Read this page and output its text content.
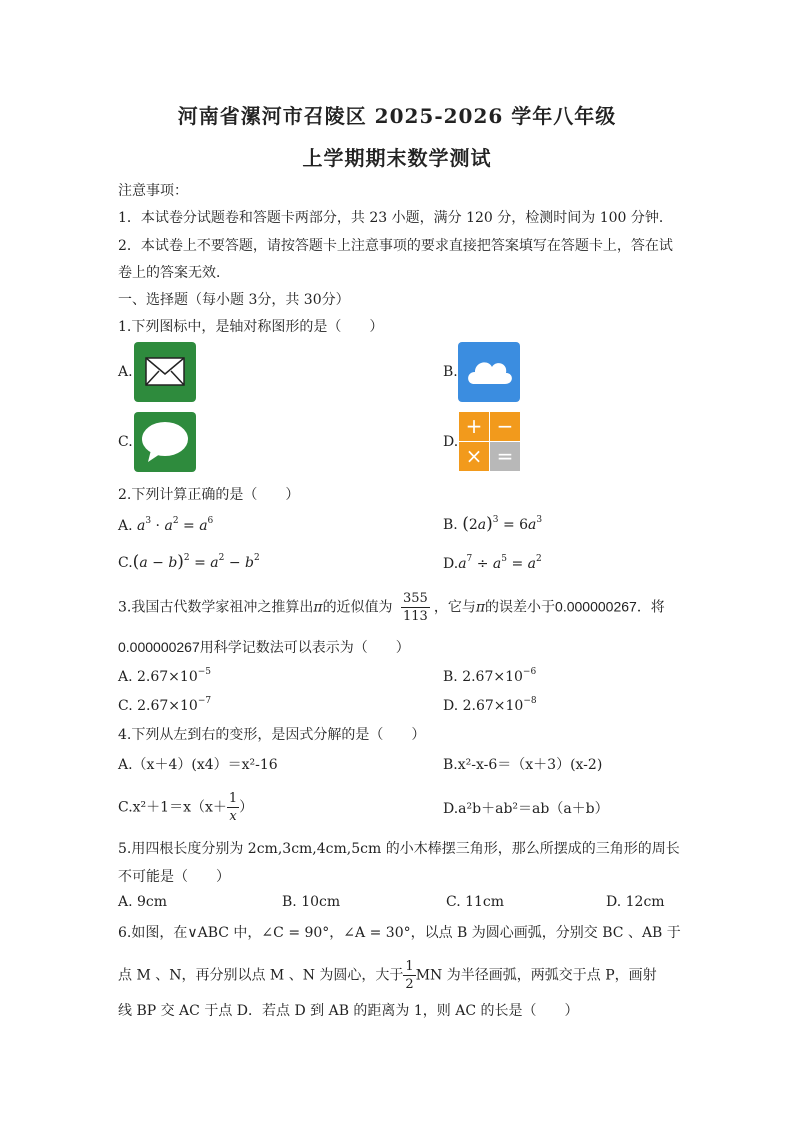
河南省漯河市召陵区 2025-2026 学年八年级
上学期期末数学测试
注意事项：
1．本试卷分试题卷和答题卡两部分，共 23 小题，满分 120 分，检测时间为 100 分钟．
2．本试卷上不要答题，请按答题卡上注意事项的要求直接把答案填写在答题卡上，答在试
卷上的答案无效．
一、选择题（每小题 3分，共 30分）
1.下列图标中，是轴对称图形的是（　　）
A.	B.
C.	D.
+ −
× =
2.下列计算正确的是（　　）
A. $a^3 \cdot a^2 = a^6$	B. $(2a)^3 = 6a^3$
$C.(a - b)^2 = a^2 - b^2$	$D.a^7 \div a^5 = a^2$
3.我国古代数学家祖冲之推算出π的近似值为 $\frac{355}{113}$ ，它与π的误差小于0.000000267．将
0.000000267用科学记数法可以表示为（　　）
A. $2.67\times 10^{-5}$	B. $2.67\times 10^{-6}$
C. $2.67\times 10^{-7}$	D. $2.67\times 10^{-8}$
4.下列从左到右的变形，是因式分解的是（　　）
A.（x＋4）(x4）＝x²-16	B.x²-x-6＝（x＋3）(x-2)
$C.x^2+1=x(x+ \frac{1}{x}$ ）	D.a²b＋ab²＝ab（a＋b）
5.用四根长度分别为 2cm,3cm,4cm,5cm 的小木棒摆三角形，那么所摆成的三角形的周长
不可能是（　　）
A. 9cm	B. 10cm	C. 11cm	D. 12cm
6.如图，在∨ABC 中，∠C = 90°，∠A = 30°，以点 B 为圆心画弧，分别交 BC 、AB 于
点 M 、N，再分别以点 M 、N 为圆心，大于 $\frac{1}{2}$ MN 为半径画弧，两弧交于点 P，画射
线 BP 交 AC 于点 D．若点 D 到 AB 的距离为 1，则 AC 的长是（　　）
